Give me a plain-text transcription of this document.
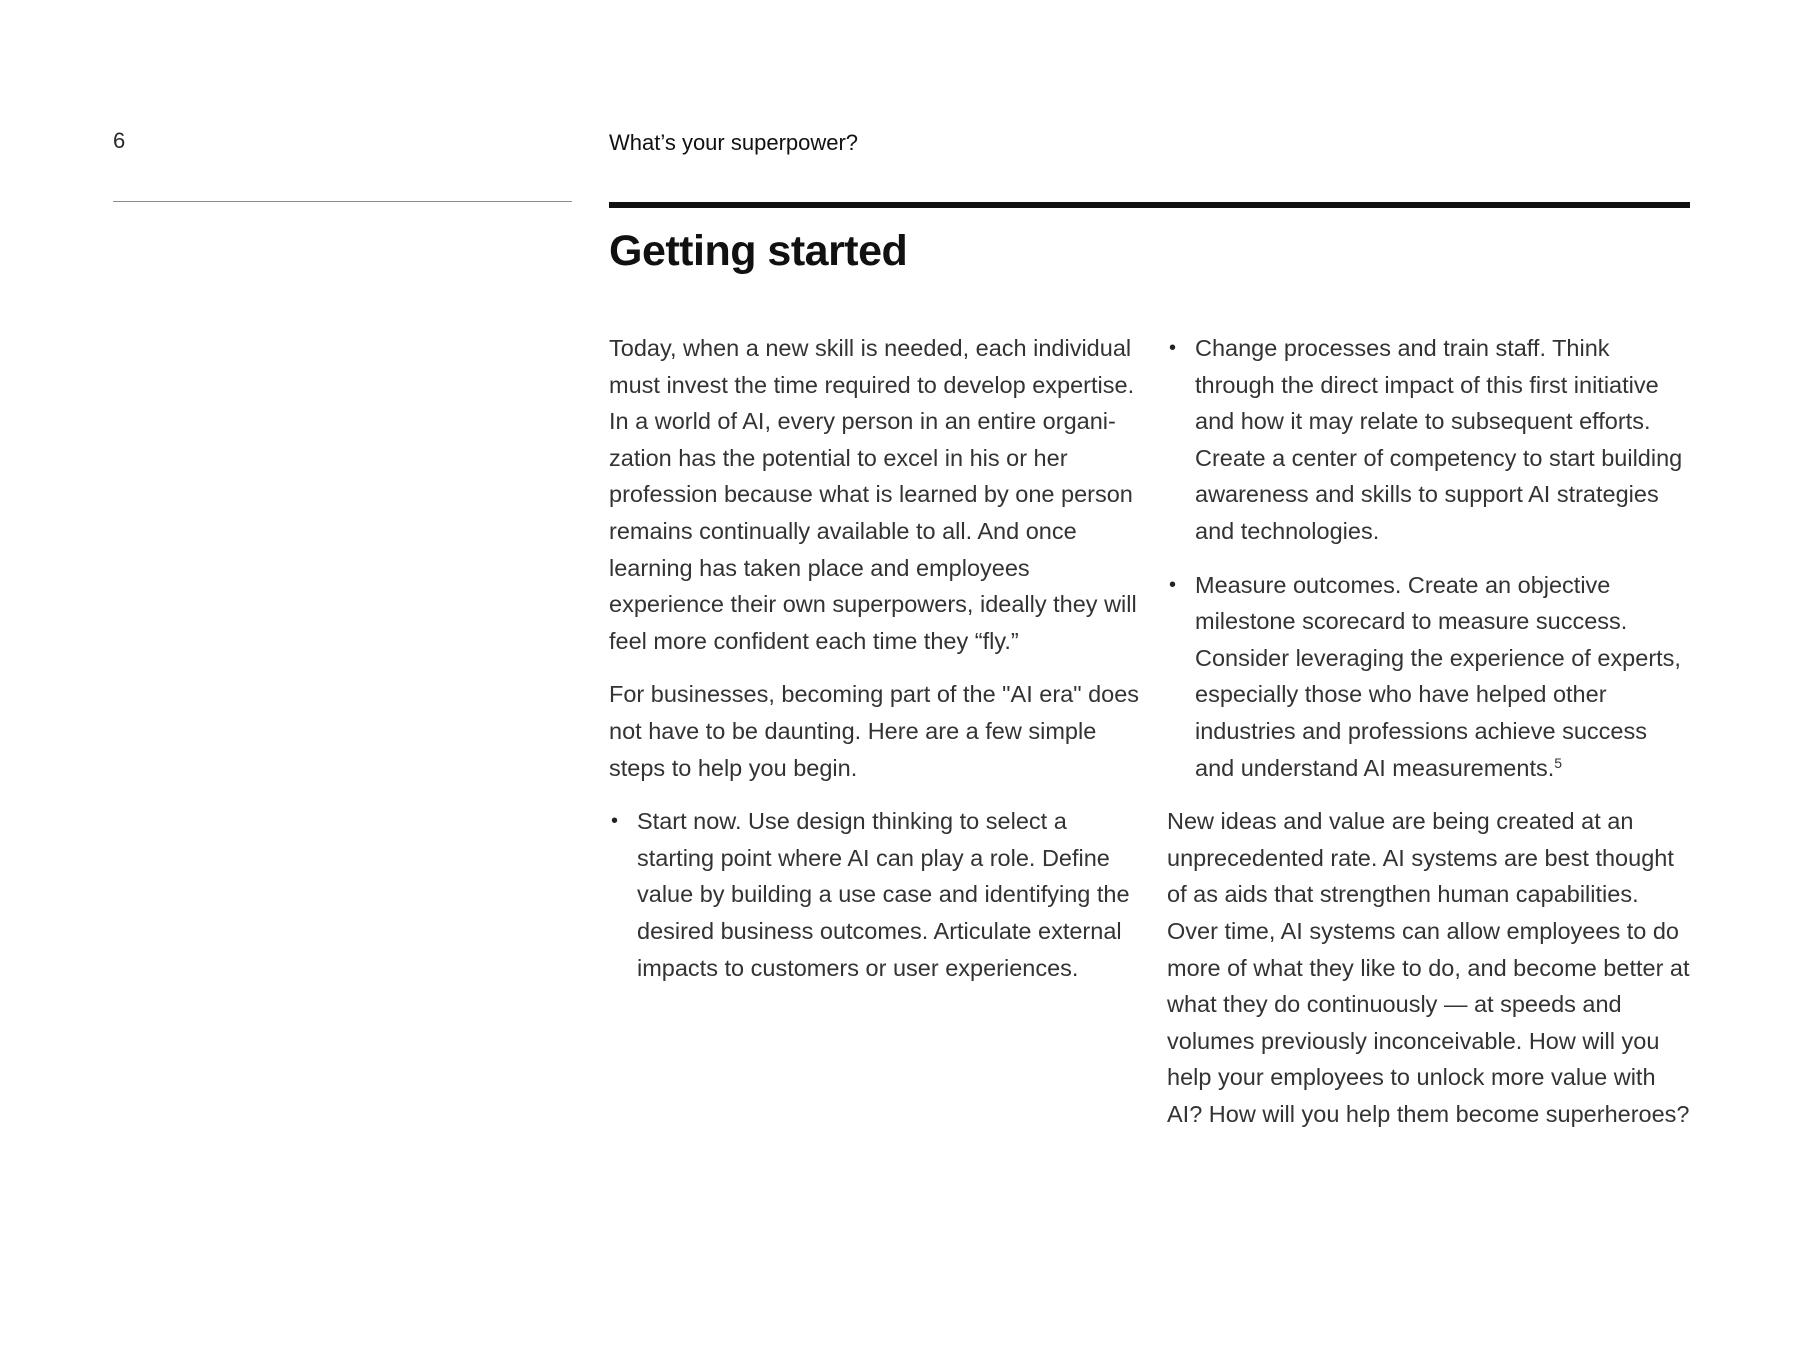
6	What’s your superpower?
Getting started

Today, when a new skill is needed, each individual must invest the time required to develop expertise. In a world of AI, every person in an entire organi-zation has the potential to excel in his or her profession because what is learned by one person remains continually available to all. And once learning has taken place and employees experience their own superpowers, ideally they will feel more confident each time they “fly.”

For businesses, becoming part of the "AI era" does not have to be daunting. Here are a few simple steps to help you begin.

• Start now. Use design thinking to select a starting point where AI can play a role. Define value by building a use case and identifying the desired business outcomes. Articulate external impacts to customers or user experiences.
• Change processes and train staff. Think through the direct impact of this first initiative and how it may relate to subsequent efforts. Create a center of competency to start building awareness and skills to support AI strategies and technologies.
• Measure outcomes. Create an objective milestone scorecard to measure success. Consider leveraging the experience of experts, especially those who have helped other industries and professions achieve success and understand AI measurements.$^5$

New ideas and value are being created at an unprecedented rate. AI systems are best thought of as aids that strengthen human capabilities. Over time, AI systems can allow employees to do more of what they like to do, and become better at what they do continuously — at speeds and volumes previously inconceivable. How will you help your employees to unlock more value with AI? How will you help them become superheroes?
